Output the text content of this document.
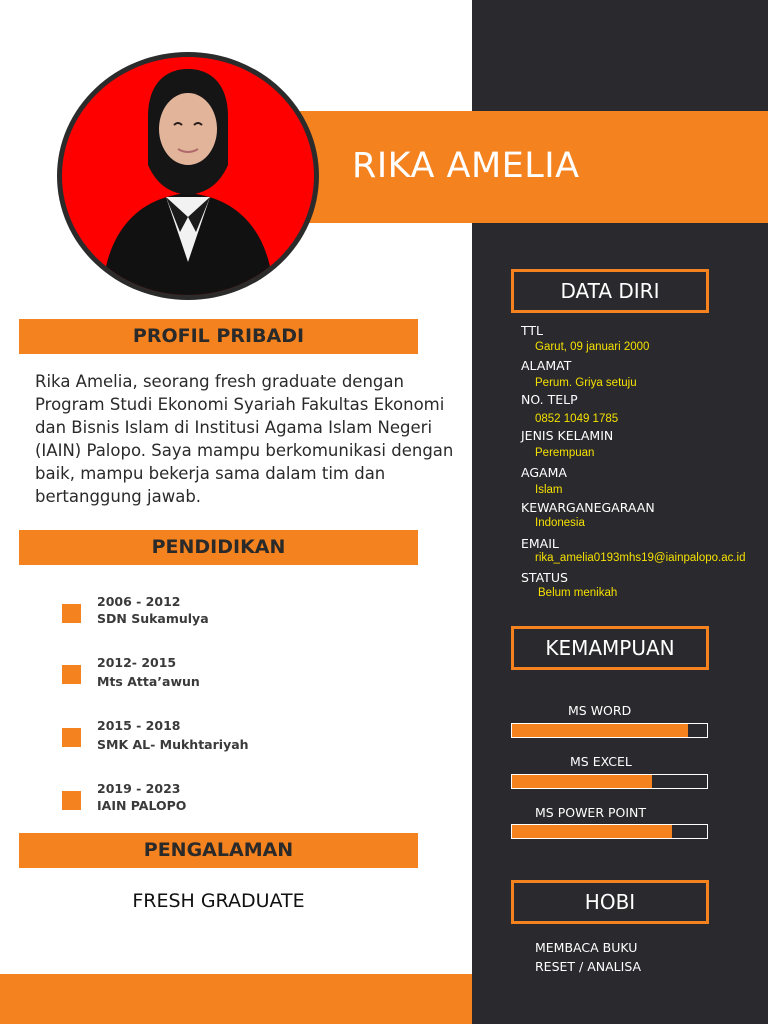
RIKA AMELIA
PROFIL PRIBADI
Rika Amelia, seorang fresh graduate dengan Program Studi Ekonomi Syariah Fakultas Ekonomi dan Bisnis Islam di Institusi Agama Islam Negeri (IAIN) Palopo. Saya mampu berkomunikasi dengan baik, mampu bekerja sama dalam tim dan bertanggung jawab.
PENDIDIKAN
2006 - 2012
SDN Sukamulya
2012- 2015
Mts Atta’awun
2015 - 2018
SMK AL- Mukhtariyah
2019 - 2023
IAIN PALOPO
PENGALAMAN
FRESH GRADUATE
DATA DIRI
TTL
Garut, 09 januari 2000
ALAMAT
Perum. Griya setuju
NO. TELP
0852 1049 1785
JENIS KELAMIN
Perempuan
AGAMA
Islam
KEWARGANEGARAAN
Indonesia
EMAIL
rika_amelia0193mhs19@iainpalopo.ac.id
STATUS
Belum menikah
KEMAMPUAN
MS WORD
MS EXCEL
MS POWER POINT
HOBI
MEMBACA BUKU
RESET / ANALISA
